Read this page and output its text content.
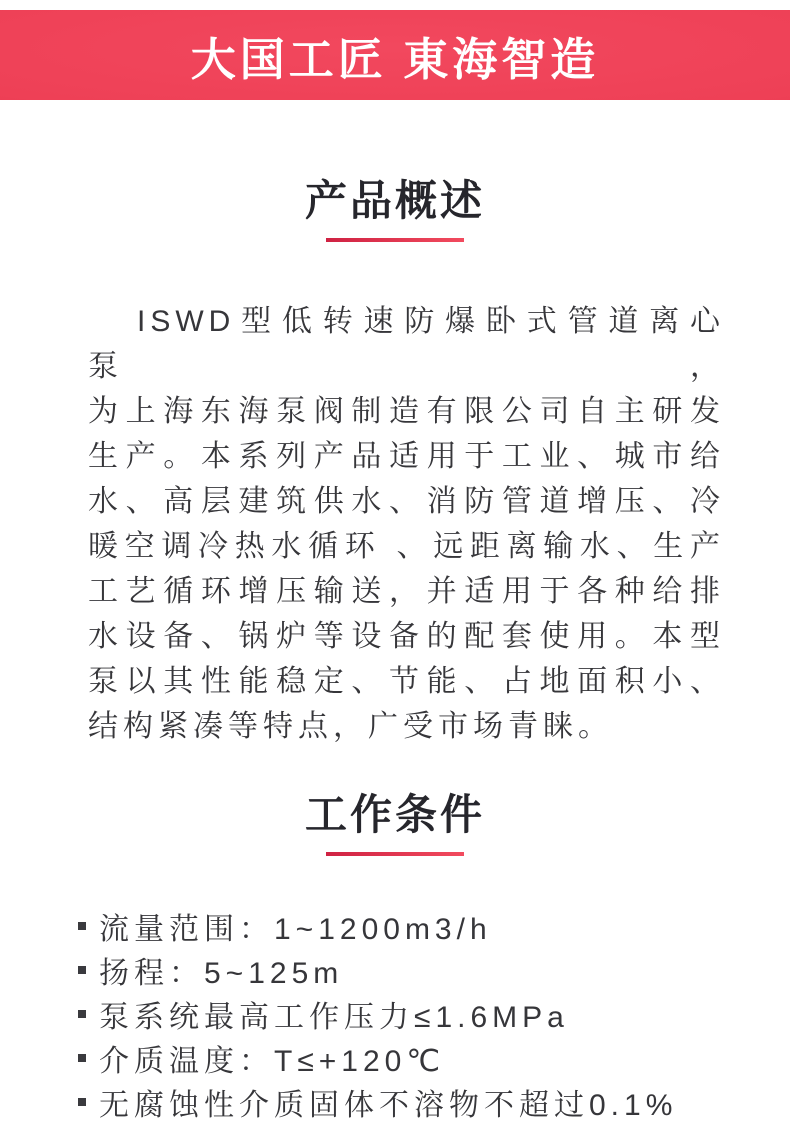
大国工匠 東海智造
产品概述
ISWD型低转速防爆卧式管道离心泵，
为上海东海泵阀制造有限公司自主研发
生产。本系列产品适用于工业、城市给
水、高层建筑供水、消防管道增压、冷
暖空调冷热水循环 、远距离输水、生产
工艺循环增压输送，并适用于各种给排
水设备、锅炉等设备的配套使用。本型
泵以其性能稳定、节能、占地面积小、
结构紧凑等特点，广受市场青睐。
工作条件
流量范围：1~1200m3/h
扬程：5~125m
泵系统最高工作压力≤1.6MPa
介质温度：T≤+120℃
无腐蚀性介质固体不溶物不超过0.1%
